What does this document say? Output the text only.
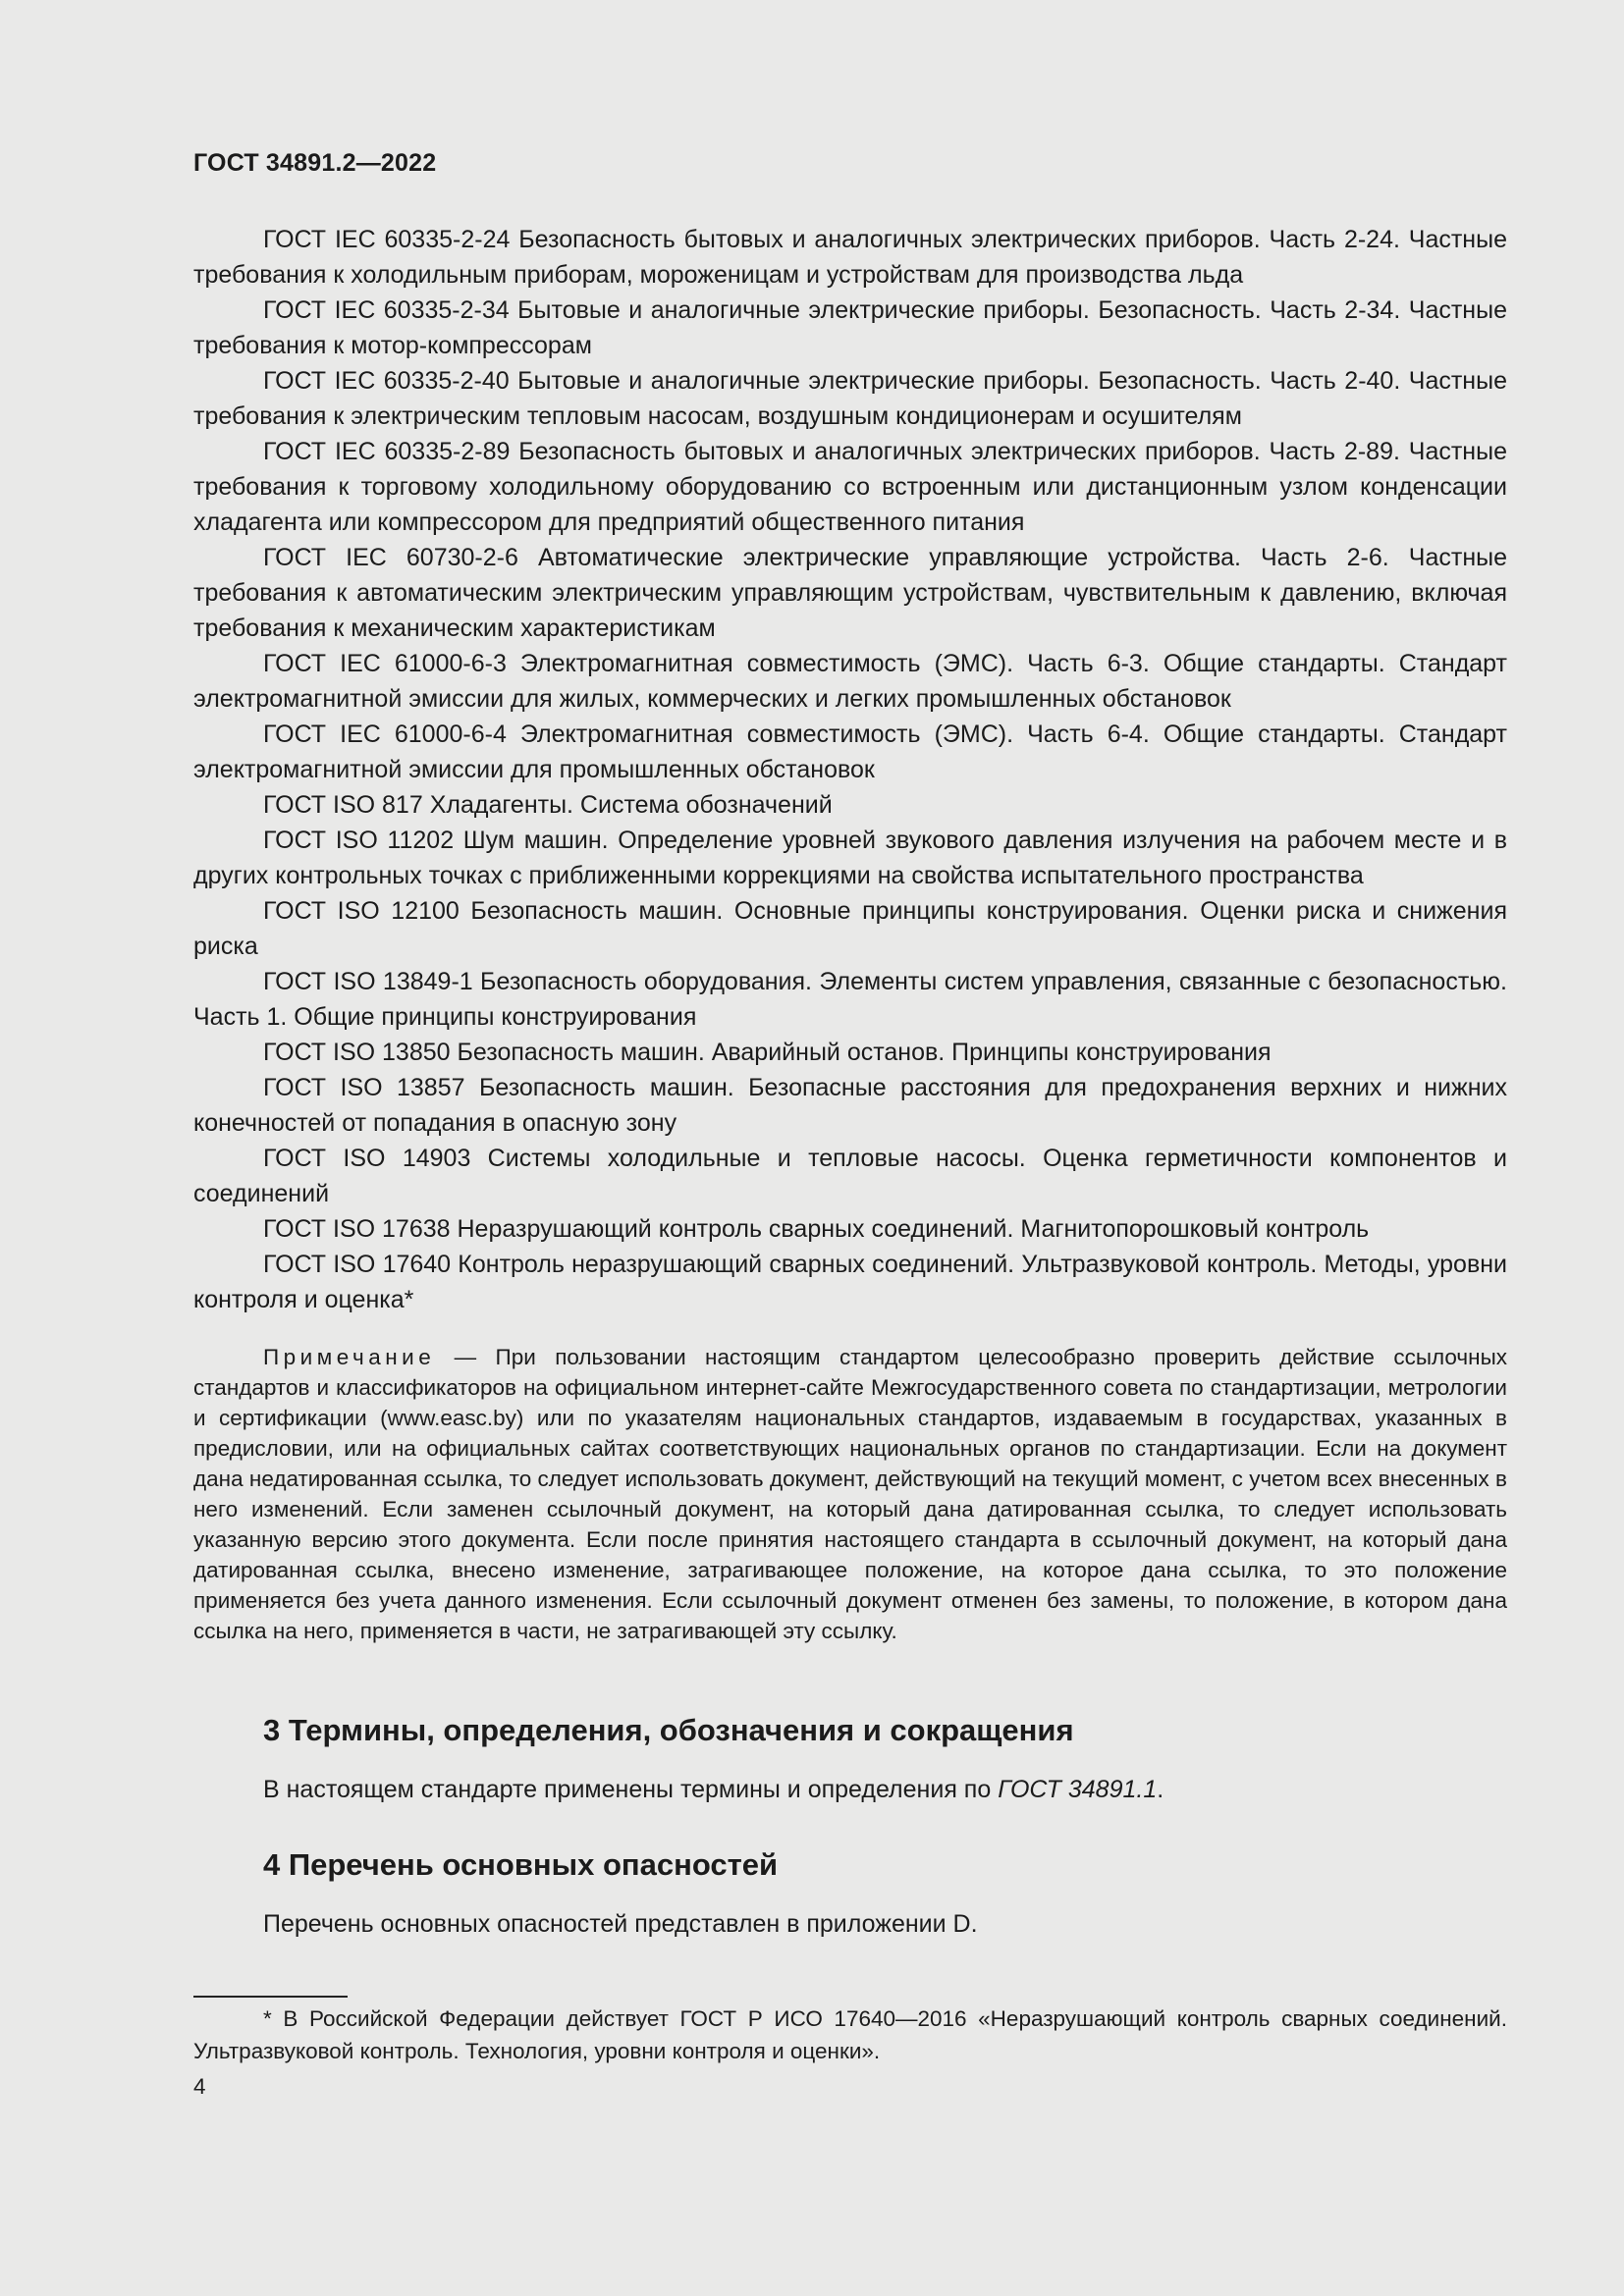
ГОСТ 34891.2—2022

ГОСТ IEC 60335-2-24 Безопасность бытовых и аналогичных электрических приборов. Часть 2-24. Частные требования к холодильным приборам, мороженицам и устройствам для производства льда

ГОСТ IEC 60335-2-34 Бытовые и аналогичные электрические приборы. Безопасность. Часть 2-34. Частные требования к мотор-компрессорам

ГОСТ IEC 60335-2-40 Бытовые и аналогичные электрические приборы. Безопасность. Часть 2-40. Частные требования к электрическим тепловым насосам, воздушным кондиционерам и осушителям

ГОСТ IEC 60335-2-89 Безопасность бытовых и аналогичных электрических приборов. Часть 2-89. Частные требования к торговому холодильному оборудованию со встроенным или дистанционным узлом конденсации хладагента или компрессором для предприятий общественного питания

ГОСТ IEC 60730-2-6 Автоматические электрические управляющие устройства. Часть 2-6. Частные требования к автоматическим электрическим управляющим устройствам, чувствительным к давлению, включая требования к механическим характеристикам

ГОСТ IEC 61000-6-3 Электромагнитная совместимость (ЭМС). Часть 6-3. Общие стандарты. Стандарт электромагнитной эмиссии для жилых, коммерческих и легких промышленных обстановок

ГОСТ IEC 61000-6-4 Электромагнитная совместимость (ЭМС). Часть 6-4. Общие стандарты. Стандарт электромагнитной эмиссии для промышленных обстановок

ГОСТ ISO 817 Хладагенты. Система обозначений

ГОСТ ISO 11202 Шум машин. Определение уровней звукового давления излучения на рабочем месте и в других контрольных точках с приближенными коррекциями на свойства испытательного пространства

ГОСТ ISO 12100 Безопасность машин. Основные принципы конструирования. Оценки риска и снижения риска

ГОСТ ISO 13849-1 Безопасность оборудования. Элементы систем управления, связанные с безопасностью. Часть 1. Общие принципы конструирования

ГОСТ ISO 13850 Безопасность машин. Аварийный останов. Принципы конструирования

ГОСТ ISO 13857 Безопасность машин. Безопасные расстояния для предохранения верхних и нижних конечностей от попадания в опасную зону

ГОСТ ISO 14903 Системы холодильные и тепловые насосы. Оценка герметичности компонентов и соединений

ГОСТ ISO 17638 Неразрушающий контроль сварных соединений. Магнитопорошковый контроль

ГОСТ ISO 17640 Контроль неразрушающий сварных соединений. Ультразвуковой контроль. Методы, уровни контроля и оценка*

Примечание — При пользовании настоящим стандартом целесообразно проверить действие ссылочных стандартов и классификаторов на официальном интернет-сайте Межгосударственного совета по стандартизации, метрологии и сертификации (www.easc.by) или по указателям национальных стандартов, издаваемым в государствах, указанных в предисловии, или на официальных сайтах соответствующих национальных органов по стандартизации. Если на документ дана недатированная ссылка, то следует использовать документ, действующий на текущий момент, с учетом всех внесенных в него изменений. Если заменен ссылочный документ, на который дана датированная ссылка, то следует использовать указанную версию этого документа. Если после принятия настоящего стандарта в ссылочный документ, на который дана датированная ссылка, внесено изменение, затрагивающее положение, на которое дана ссылка, то это положение применяется без учета данного изменения. Если ссылочный документ отменен без замены, то положение, в котором дана ссылка на него, применяется в части, не затрагивающей эту ссылку.
3 Термины, определения, обозначения и сокращения

В настоящем стандарте применены термины и определения по ГОСТ 34891.1.

4 Перечень основных опасностей

Перечень основных опасностей представлен в приложении D.

* В Российской Федерации действует ГОСТ Р ИСО 17640—2016 «Неразрушающий контроль сварных соединений. Ультразвуковой контроль. Технология, уровни контроля и оценки».
4
